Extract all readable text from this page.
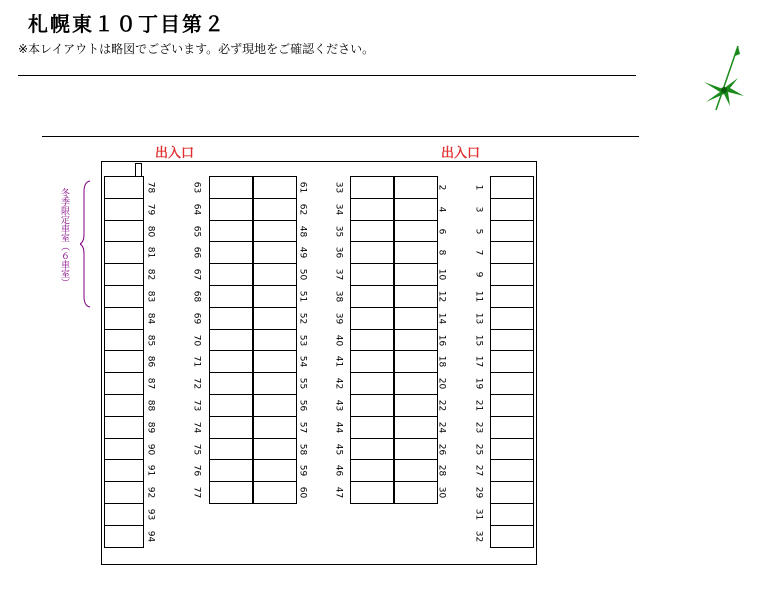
札幌東１０丁目第２
※本レイアウトは略図でございます。必ず現地をご確認ください。
出入口	出入口
冬季限定車室（６車室）
78
79
80
81
82
83
84
85
86
87
88
89
90
91
92
93
94
63
64
65
66
67
68
69
70
71
72
73
74
75
76
77
61
62
48
49
50
51
52
53
54
55
56
57
58
59
60
33
34
35
36
37
38
39
40
41
42
43
44
45
46
47
2
4
6
8
10
12
14
16
18
20
22
24
26
28
30
1
3
5
7
9
11
13
15
17
19
21
23
25
27
29
31
32
